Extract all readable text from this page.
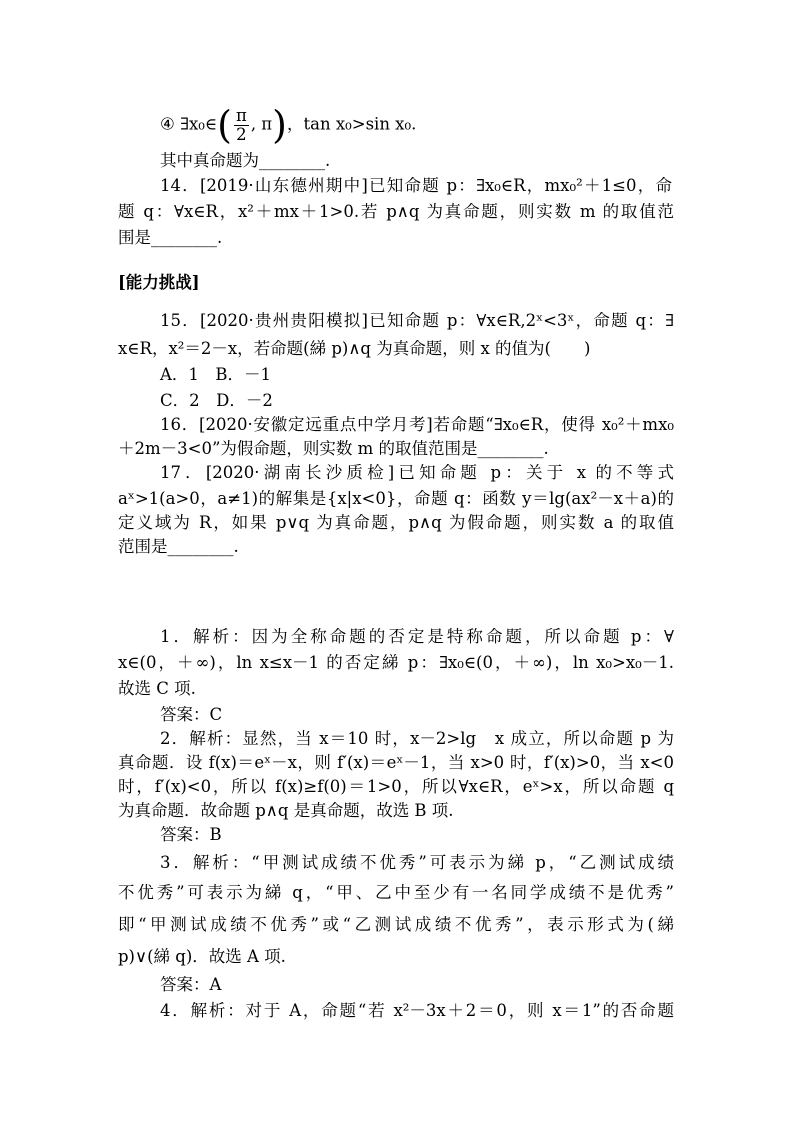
④ ∃x₀∈( $\frac{\pi}{2}$ , π)，tan x₀>sin x₀.
其中真命题为________.
14．[2019·山东德州期中]已知命题 p：∃x₀∈R，mx₀²＋1≤0，命
题 q：∀x∈R，x²＋mx＋1>0.若 p∧q 为真命题，则实数 m 的取值范
围是________.
[能力挑战]
15．[2020·贵州贵阳模拟]已知命题 p：∀x∈R,2ˣ<3ˣ，命题 q：∃
x∈R，x²＝2－x，若命题(綈 p)∧q 为真命题，则 x 的值为(　　)
A．1　B．－1
C．2　D．－2
16．[2020·安徽定远重点中学月考]若命题“∃x₀∈R，使得 x₀²＋mx₀
＋2m－3<0”为假命题，则实数 m 的取值范围是________.
17．[2020·湖南长沙质检]已知命题 p：关于 x 的不等式
aˣ>1(a>0，a≠1)的解集是{x|x<0}，命题 q：函数 y＝lg(ax²－x＋a)的
定义域为 R，如果 p∨q 为真命题，p∧q 为假命题，则实数 a 的取值
范围是________.
1．解析：因为全称命题的否定是特称命题，所以命题 p：∀
x∈(0，＋∞)，ln x≤x－1 的否定綈 p：∃x₀∈(0，＋∞)，ln x₀>x₀－1.
故选 C 项.
答案：C
2．解析：显然，当 x＝10 时，x－2>lg　x 成立，所以命题 p 为
真命题．设 f(x)＝eˣ－x，则 f′(x)＝eˣ－1，当 x>0 时，f′(x)>0，当 x<0
时，f′(x)<0，所以 f(x)≥f(0)＝1>0，所以∀x∈R，eˣ>x，所以命题 q
为真命题．故命题 p∧q 是真命题，故选 B 项.
答案：B
3．解析：“甲测试成绩不优秀”可表示为綈 p，“乙测试成绩
不优秀”可表示为綈 q，“甲、乙中至少有一名同学成绩不是优秀”
即“甲测试成绩不优秀”或“乙测试成绩不优秀”，表示形式为(綈
p)∨(綈 q)．故选 A 项.
答案：A
4．解析：对于 A，命题“若 x²－3x＋2＝0，则 x＝1”的否命题
